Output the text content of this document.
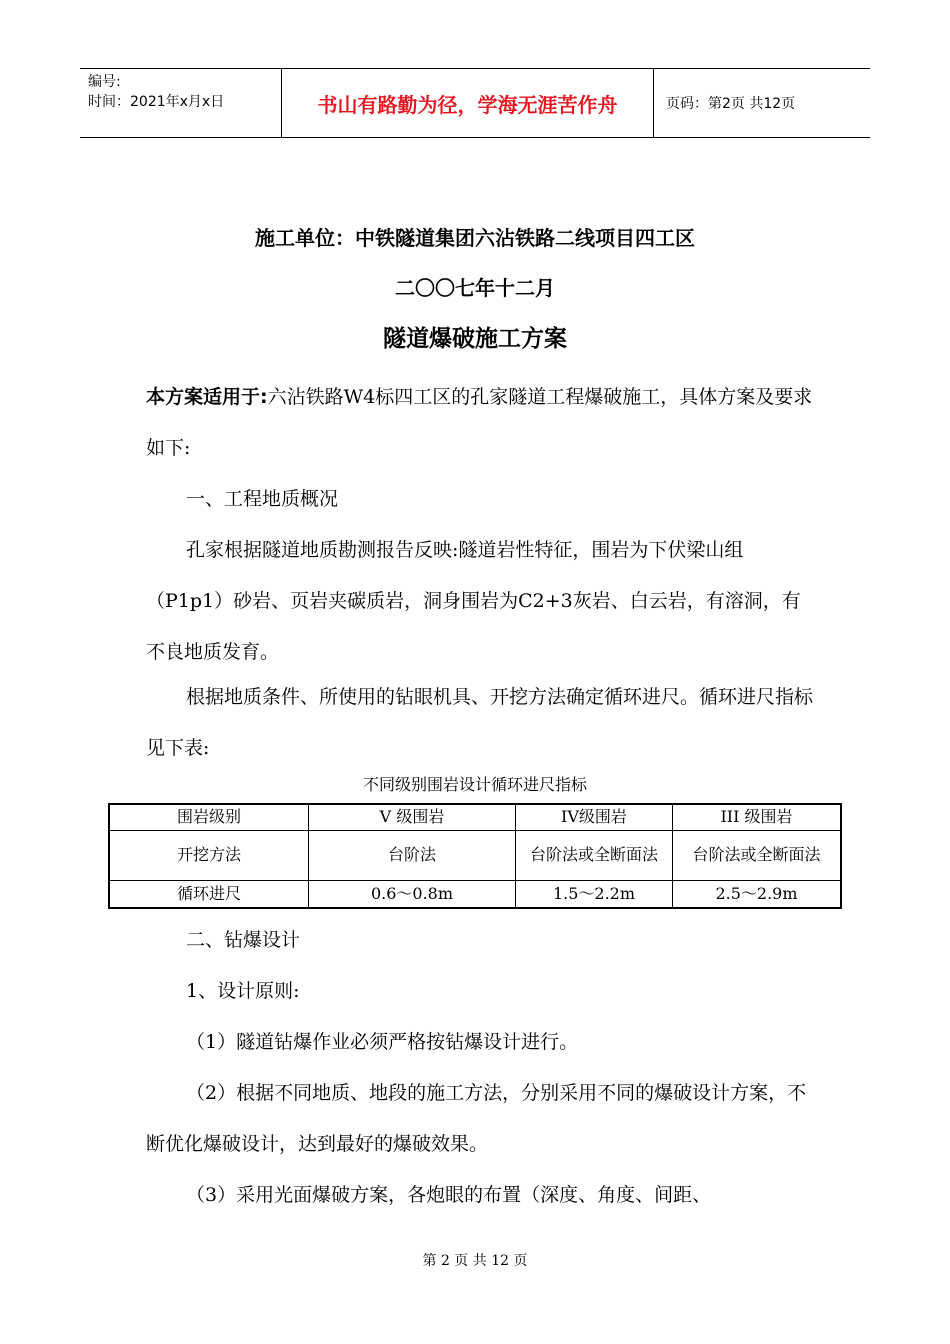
编号:
时间：2021年x月x日	书山有路勤为径，学海无涯苦作舟	页码：第2页 共12页
施工单位：中铁隧道集团六沾铁路二线项目四工区
二〇〇七年十二月
隧道爆破施工方案

本方案适用于:六沾铁路W4标四工区的孔家隧道工程爆破施工，具体方案及要求如下:

一、工程地质概况

孔家根据隧道地质勘测报告反映:隧道岩性特征，围岩为下伏梁山组（P1p1）砂岩、页岩夹碳质岩，洞身围岩为C2+3灰岩、白云岩，有溶洞，有不良地质发育。

根据地质条件、所使用的钻眼机具、开挖方法确定循环进尺。循环进尺指标见下表:

不同级别围岩设计循环进尺指标
围岩级别	V 级围岩	IV级围岩	III 级围岩
开挖方法	台阶法	台阶法或全断面法	台阶法或全断面法
循环进尺	0.6～0.8m	1.5～2.2m	2.5～2.9m

二、钻爆设计

1、设计原则:

（1）隧道钻爆作业必须严格按钻爆设计进行。

（2）根据不同地质、地段的施工方法，分别采用不同的爆破设计方案，不断优化爆破设计，达到最好的爆破效果。

（3）采用光面爆破方案，各炮眼的布置（深度、角度、间距、

第 2 页 共 12 页
